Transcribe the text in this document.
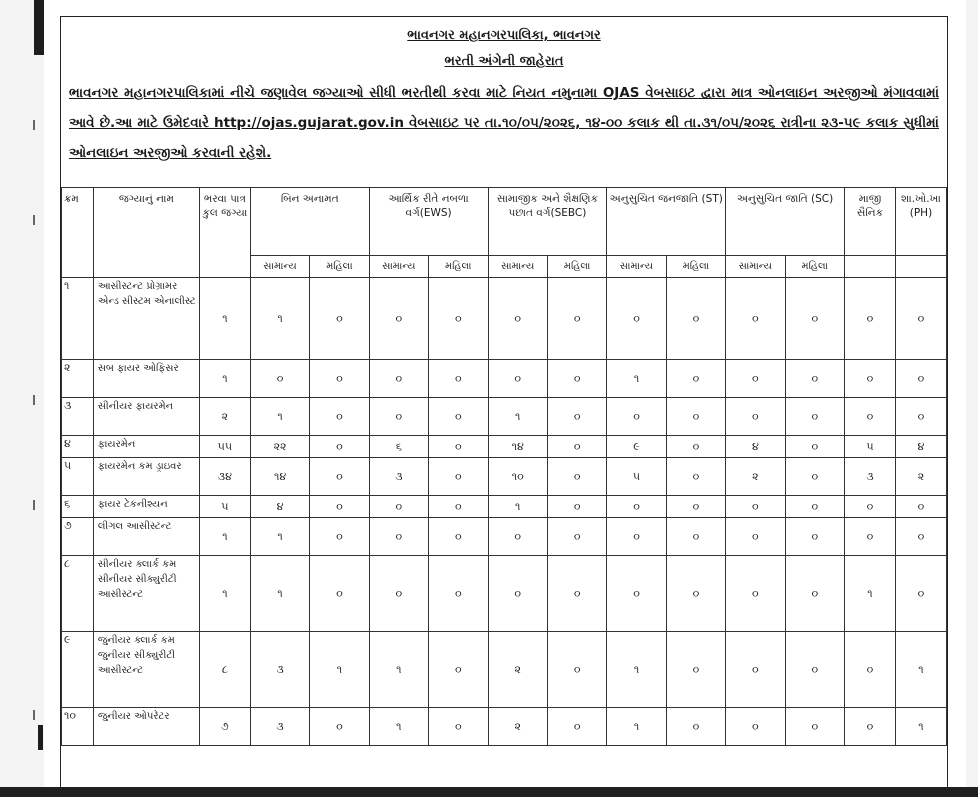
ભાવનગર મહાનગરપાલિકા, ભાવનગર
ભરતી અંગેની જાહેરાત
ભાવનગર મહાનગરપાલિકામાં નીચે જણાવેલ જગ્યાઓ સીધી ભરતીથી કરવા માટે નિયત નમુનામા OJAS વેબસાઇટ દ્વારા માત્ર ઓનલાઇન અરજીઓ મંગાવવામાં આવે છે.આ માટે ઉમેદવારે http://ojas.gujarat.gov.in વેબસાઇટ પર તા.૧૦/૦૫/૨૦૨૬, ૧૪-૦૦ કલાક થી તા.૩૧/૦૫/૨૦૨૬ રાત્રીના ૨૩-૫૯ કલાક સુધીમાં ઓનલાઇન અરજીઓ કરવાની રહેશે.
ક્રમ	જગ્યાનું નામ	ભરવા પાત્ર કુલ જગ્યા	બિન અનામત		આર્થિક રીતે નબળા વર્ગ(EWS)		સામાજીક અને શૈક્ષણિક પછાત વર્ગ(SEBC)		અનુસુચિત જનજાતિ (ST)		અનુસુચિત જાતિ (SC)		માજી સૈનિક	શા.ખો.ખા (PH)
			સામાન્ય	મહિલા	સામાન્ય	મહિલા	સામાન્ય	મહિલા	સામાન્ય	મહિલા	સામાન્ય	મહિલા		
૧	આસીસ્ટન્ટ પ્રોગ્રામર એન્ડ સીસ્ટમ એનાલીસ્ટ	૧	૧	૦	૦	૦	૦	૦	૦	૦	૦	૦	૦	૦
૨	સબ ફાયર ઓફિસર	૧	૦	૦	૦	૦	૦	૦	૧	૦	૦	૦	૦	૦
૩	સીનીયર ફાયરમેન	૨	૧	૦	૦	૦	૧	૦	૦	૦	૦	૦	૦	૦
૪	ફાયરમેન	૫૫	૨૨	૦	૬	૦	૧૪	૦	૯	૦	૪	૦	૫	૪
૫	ફાયરમેન કમ ડ્રાઇવર	૩૪	૧૪	૦	૩	૦	૧૦	૦	૫	૦	૨	૦	૩	૨
૬	ફાયર ટેકનીશ્યન	૫	૪	૦	૦	૦	૧	૦	૦	૦	૦	૦	૦	૦
૭	લીગલ આસીસ્ટન્ટ	૧	૧	૦	૦	૦	૦	૦	૦	૦	૦	૦	૦	૦
૮	સીનીયર ક્લાર્ક કમ સીનીયર સીક્યુરીટી આસીસ્ટન્ટ	૧	૧	૦	૦	૦	૦	૦	૦	૦	૦	૦	૧	૦
૯	જુનીયર ક્લાર્ક કમ જુનીયર સીક્યુરીટી આસીસ્ટન્ટ	૮	૩	૧	૧	૦	૨	૦	૧	૦	૦	૦	૦	૧
૧૦	જુનીયર ઓપરેટર	૭	૩	૦	૧	૦	૨	૦	૧	૦	૦	૦	૦	૧
